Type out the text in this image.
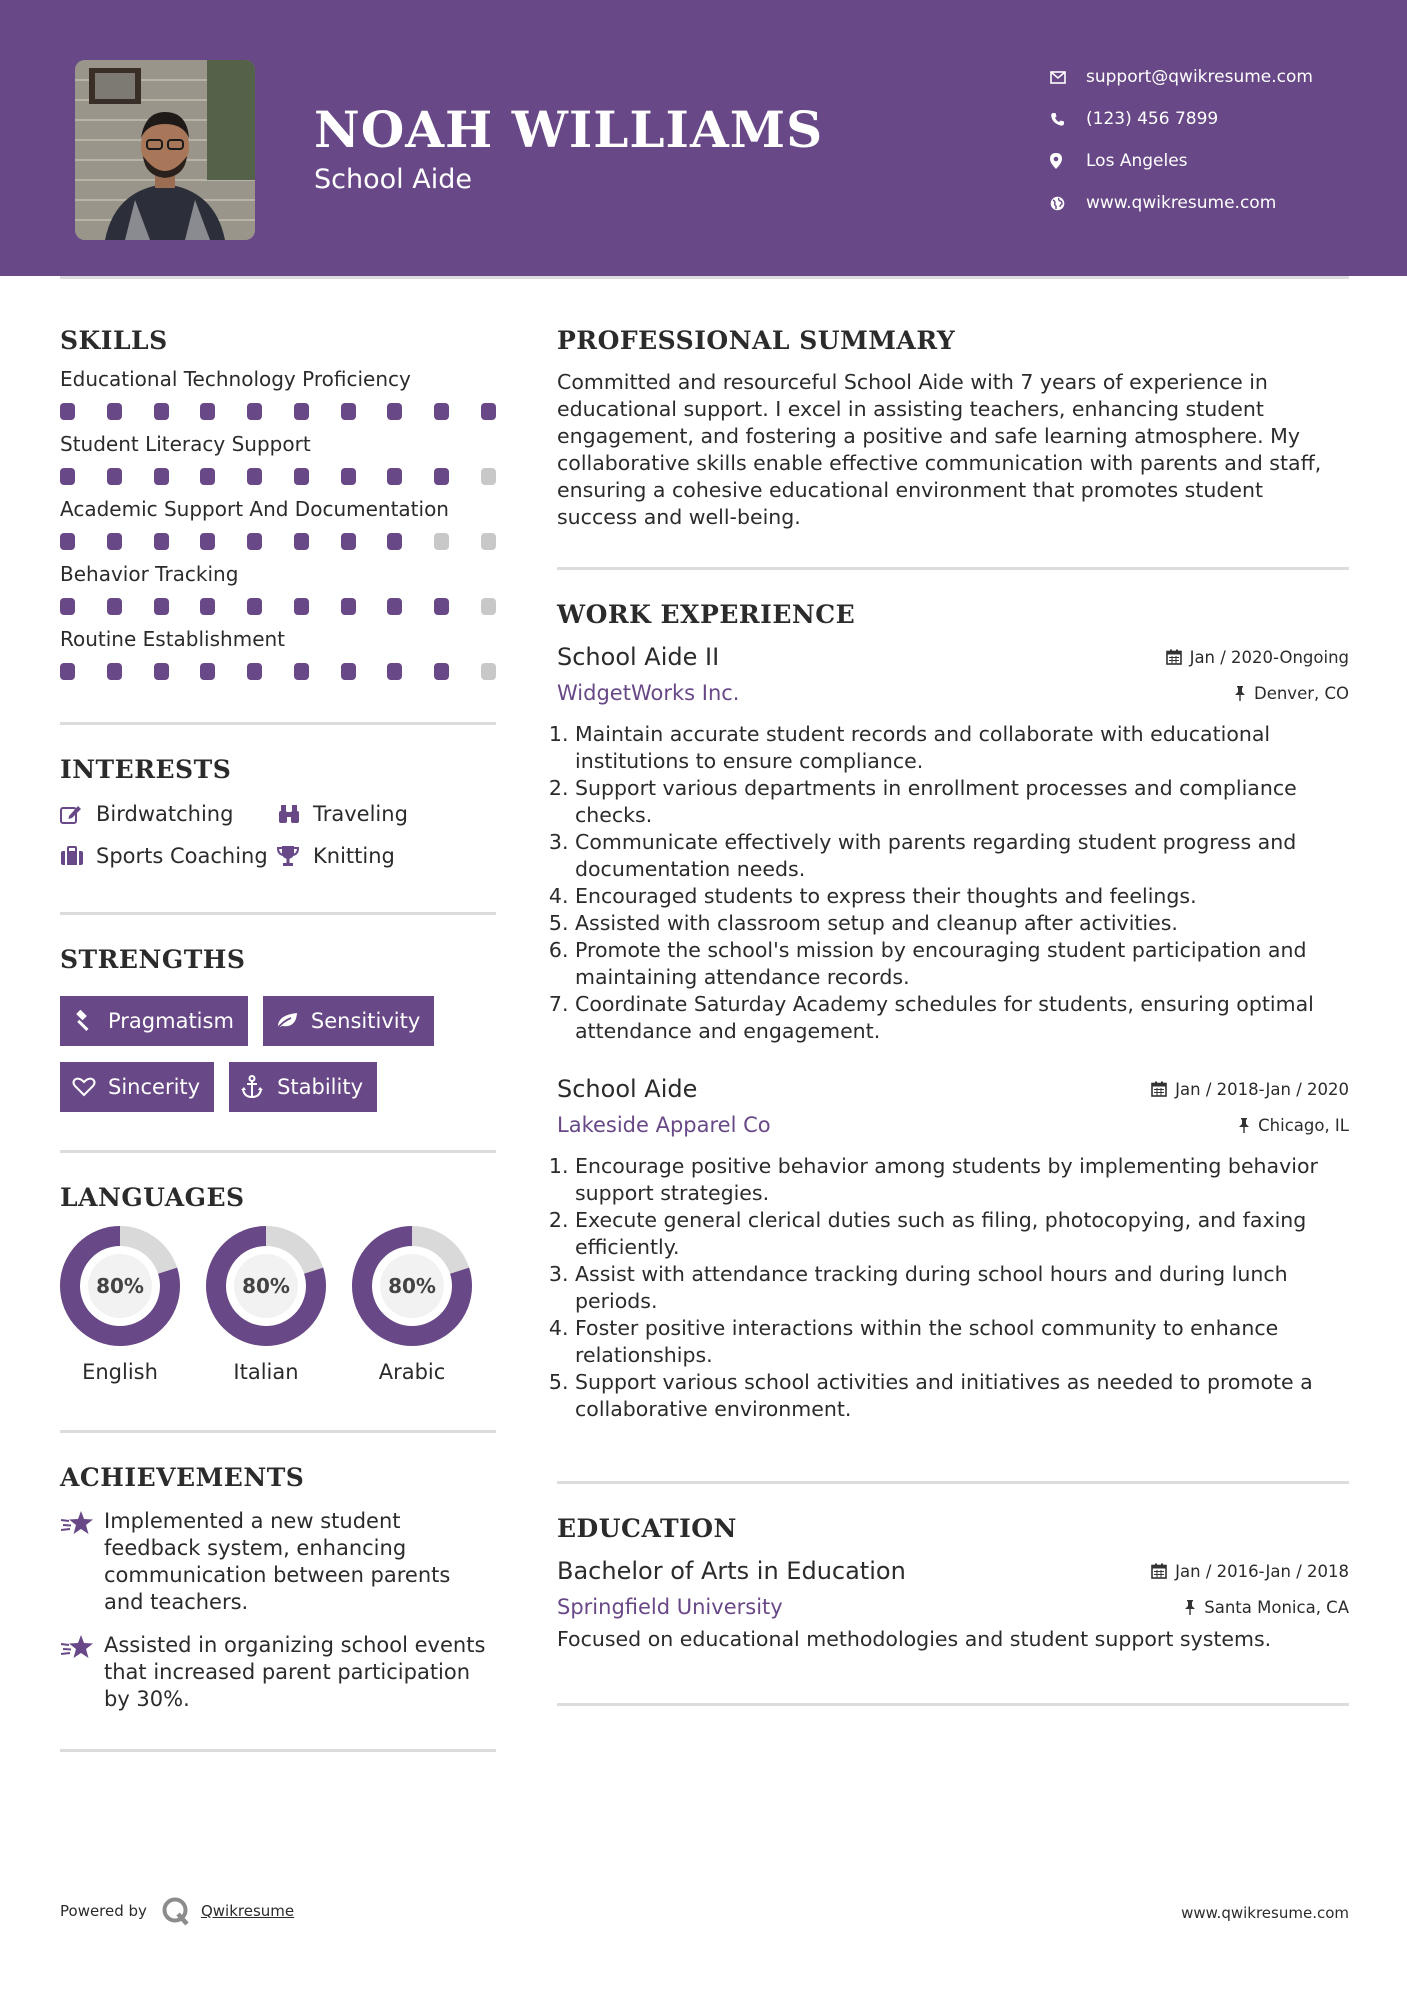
NOAH WILLIAMS
School Aide
support@qwikresume.com
(123) 456 7899
Los Angeles
www.qwikresume.com
SKILLS
Educational Technology Proficiency
Student Literacy Support
Academic Support And Documentation
Behavior Tracking
Routine Establishment
INTERESTS
Birdwatching	Traveling
Sports Coaching Knitting
STRENGTHS
Pragmatism	Sensitivity
Sincerity	Stability
LANGUAGES
80%
English
80%
Italian
80%
Arabic
ACHIEVEMENTS
Implemented a new student feedback system, enhancing communication between parents and teachers.
Assisted in organizing school events that increased parent participation by 30%.
PROFESSIONAL SUMMARY
Committed and resourceful School Aide with 7 years of experience in educational support. I excel in assisting teachers, enhancing student engagement, and fostering a positive and safe learning atmosphere. My collaborative skills enable effective communication with parents and staff, ensuring a cohesive educational environment that promotes student success and well-being.
WORK EXPERIENCE
School Aide II	Jan / 2020-Ongoing
WidgetWorks Inc.	Denver, CO
1. Maintain accurate student records and collaborate with educational institutions to ensure compliance.
2. Support various departments in enrollment processes and compliance checks.
3. Communicate effectively with parents regarding student progress and documentation needs.
4. Encouraged students to express their thoughts and feelings.
5. Assisted with classroom setup and cleanup after activities.
6. Promote the school's mission by encouraging student participation and maintaining attendance records.
7. Coordinate Saturday Academy schedules for students, ensuring optimal attendance and engagement.
School Aide	Jan / 2018-Jan / 2020
Lakeside Apparel Co	Chicago, IL
1. Encourage positive behavior among students by implementing behavior support strategies.
2. Execute general clerical duties such as filing, photocopying, and faxing efficiently.
3. Assist with attendance tracking during school hours and during lunch periods.
4. Foster positive interactions within the school community to enhance relationships.
5. Support various school activities and initiatives as needed to promote a collaborative environment.
EDUCATION
Bachelor of Arts in Education	Jan / 2016-Jan / 2018
Springfield University	Santa Monica, CA
Focused on educational methodologies and student support systems.
Powered by	Qwikresume	www.qwikresume.com
